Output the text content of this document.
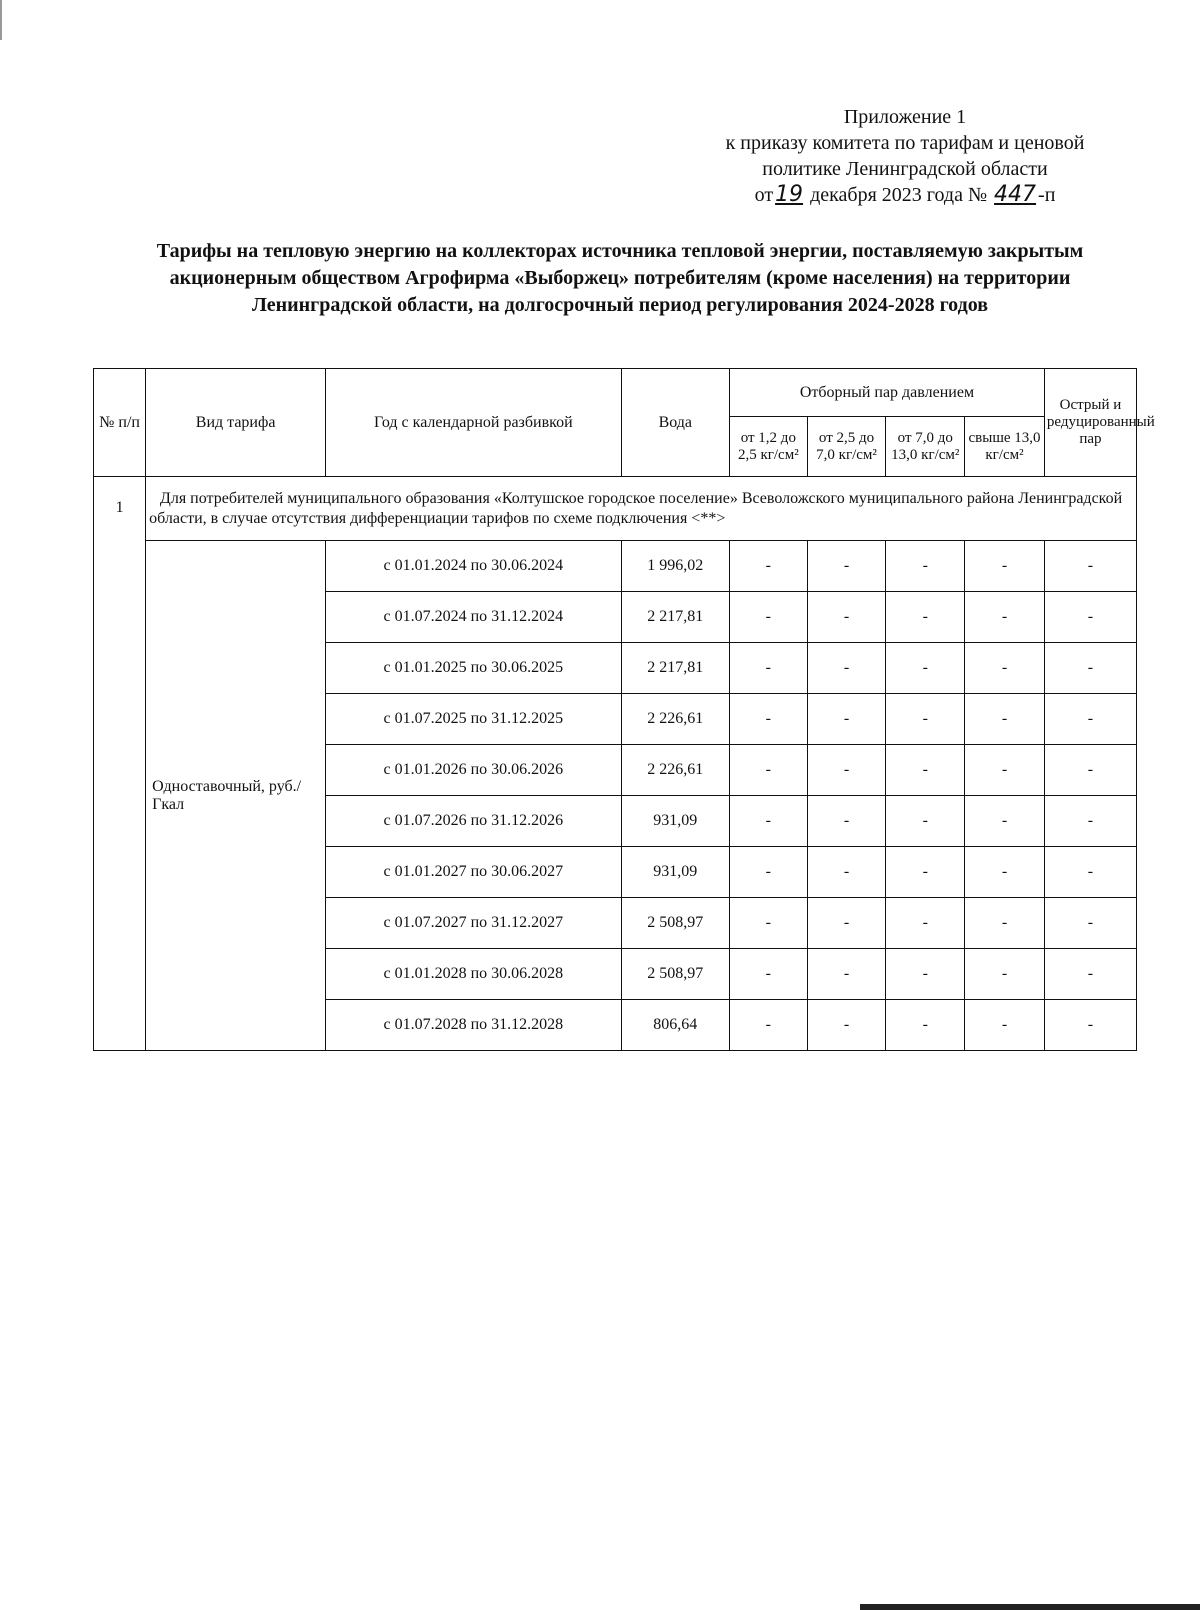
Приложение 1
к приказу комитета по тарифам и ценовой
политике Ленинградской области
от19 декабря 2023 года № 447 -п
Тарифы на тепловую энергию на коллекторах источника тепловой энергии, поставляемую закрытым акционерным обществом Агрофирма «Выборжец» потребителям (кроме населения) на территории Ленинградской области, на долгосрочный период регулирования 2024-2028 годов
№ п/п	Вид тарифа	Год с календарной разбивкой	Вода	Отборный пар давлением				Острый и редуцированный пар
				от 1,2 до 2,5 кг/см²	от 2,5 до 7,0 кг/см²	от 7,0 до 13,0 кг/см²	свыше 13,0 кг/см²	
1	Для потребителей муниципального образования «Колтушское городское поселение» Всеволожского муниципального района Ленинградской области, в случае отсутствия дифференциации тарифов по схеме подключения <**>							
	Одноставочный, руб./Гкал	с 01.01.2024 по 30.06.2024	1 996,02	-	-	-	-	-
		с 01.07.2024 по 31.12.2024	2 217,81	-	-	-	-	-
		с 01.01.2025 по 30.06.2025	2 217,81	-	-	-	-	-
		с 01.07.2025 по 31.12.2025	2 226,61	-	-	-	-	-
		с 01.01.2026 по 30.06.2026	2 226,61	-	-	-	-	-
		с 01.07.2026 по 31.12.2026	931,09	-	-	-	-	-
		с 01.01.2027 по 30.06.2027	931,09	-	-	-	-	-
		с 01.07.2027 по 31.12.2027	2 508,97	-	-	-	-	-
		с 01.01.2028 по 30.06.2028	2 508,97	-	-	-	-	-
		с 01.07.2028 по 31.12.2028	806,64	-	-	-	-	-
